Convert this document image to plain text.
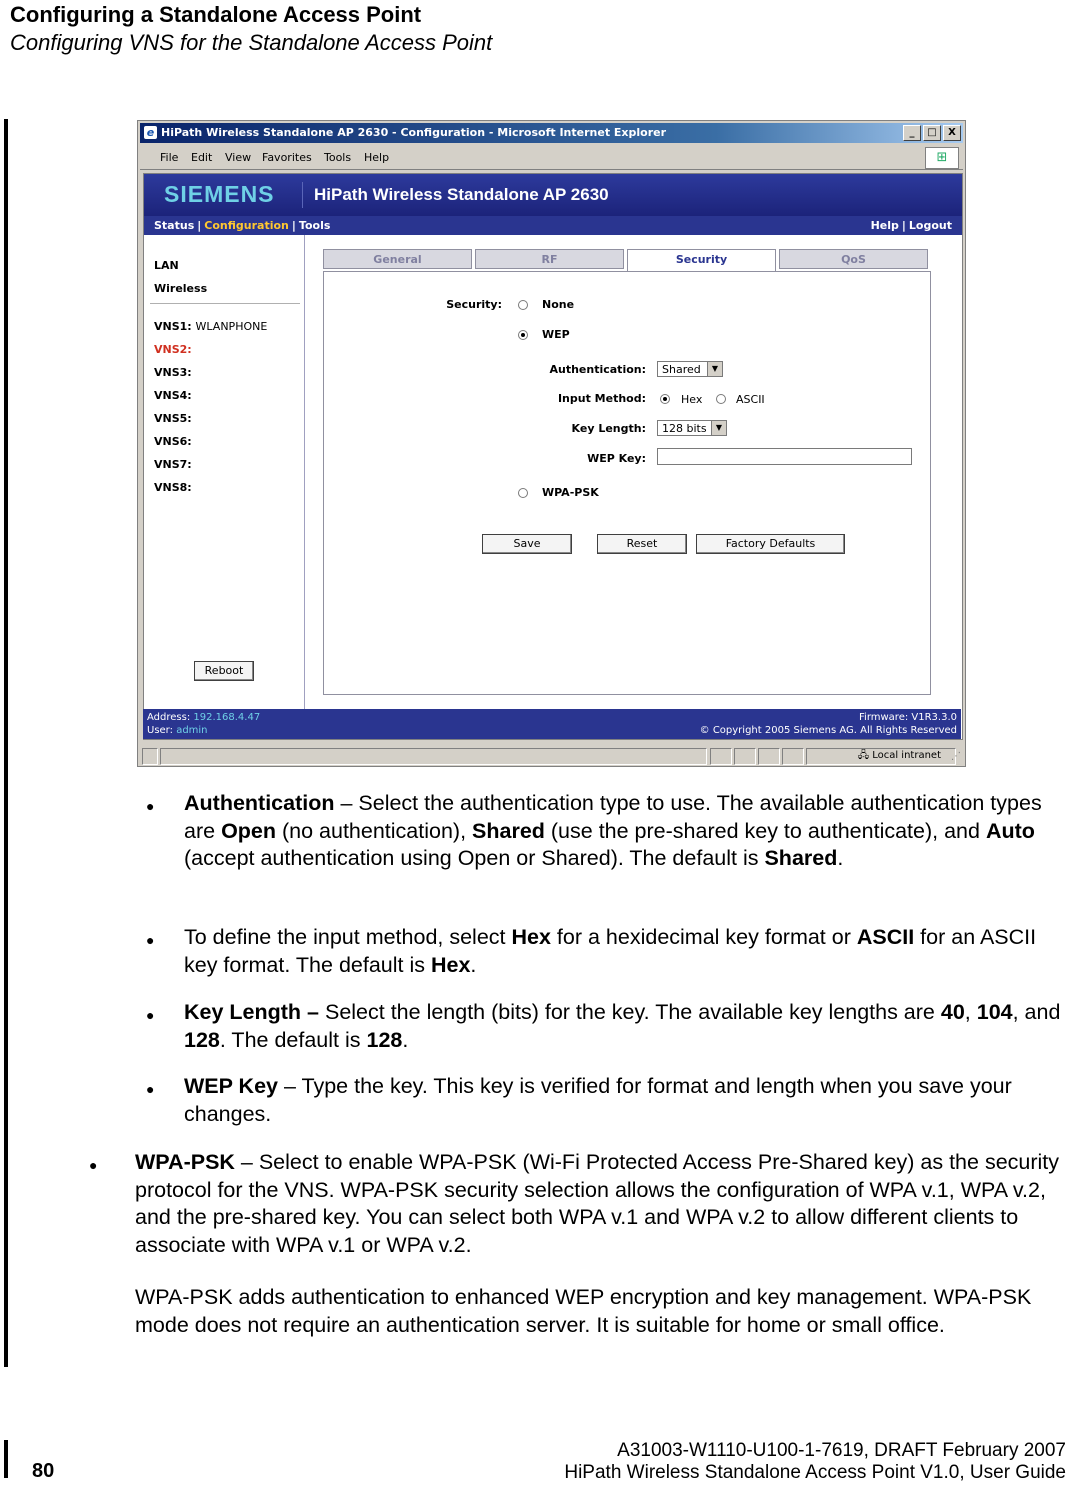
Configuring a Standalone Access Point
Configuring VNS for the Standalone Access Point
e HiPath Wireless Standalone AP 2630 - Configuration - Microsoft Internet Explorer	_	□	X
File Edit View Favorites Tools Help	⊞
SIEMENS HiPath Wireless Standalone AP 2630
Status | Configuration | Tools	Help | Logout
LAN
Wireless
VNS1: WLANPHONE
VNS2:
VNS3:
VNS4:
VNS5:
VNS6:
VNS7:
VNS8:
Reboot
General	RF	Security	QoS
Security:	None
WEP
Authentication:	Shared	▼
Input Method:	Hex	ASCII
Key Length:	128 bits	▼
WEP Key:
WPA-PSK
Save	Reset	Factory Defaults
Address: 192.168.4.47
User: admin
Firmware: V1R3.3.0
© Copyright 2005 Siemens AG. All Rights Reserved
🖧 Local intranet ⋰
● Authentication – Select the authentication type to use. The available authentication types are Open (no authentication), Shared (use the pre-shared key to authenticate), and Auto (accept authentication using Open or Shared). The default is Shared.
● To define the input method, select Hex for a hexidecimal key format or ASCII for an ASCII key format. The default is Hex.
● Key Length – Select the length (bits) for the key. The available key lengths are 40, 104, and 128. The default is 128.
● WEP Key – Type the key. This key is verified for format and length when you save your changes.
● WPA-PSK – Select to enable WPA-PSK (Wi-Fi Protected Access Pre-Shared key) as the security protocol for the VNS. WPA-PSK security selection allows the configuration of WPA v.1, WPA v.2, and the pre-shared key. You can select both WPA v.1 and WPA v.2 to allow different clients to associate with WPA v.1 or WPA v.2.
WPA-PSK adds authentication to enhanced WEP encryption and key management. WPA-PSK mode does not require an authentication server. It is suitable for home or small office.
80
A31003-W1110-U100-1-7619, DRAFT February 2007
HiPath Wireless Standalone Access Point V1.0, User Guide
